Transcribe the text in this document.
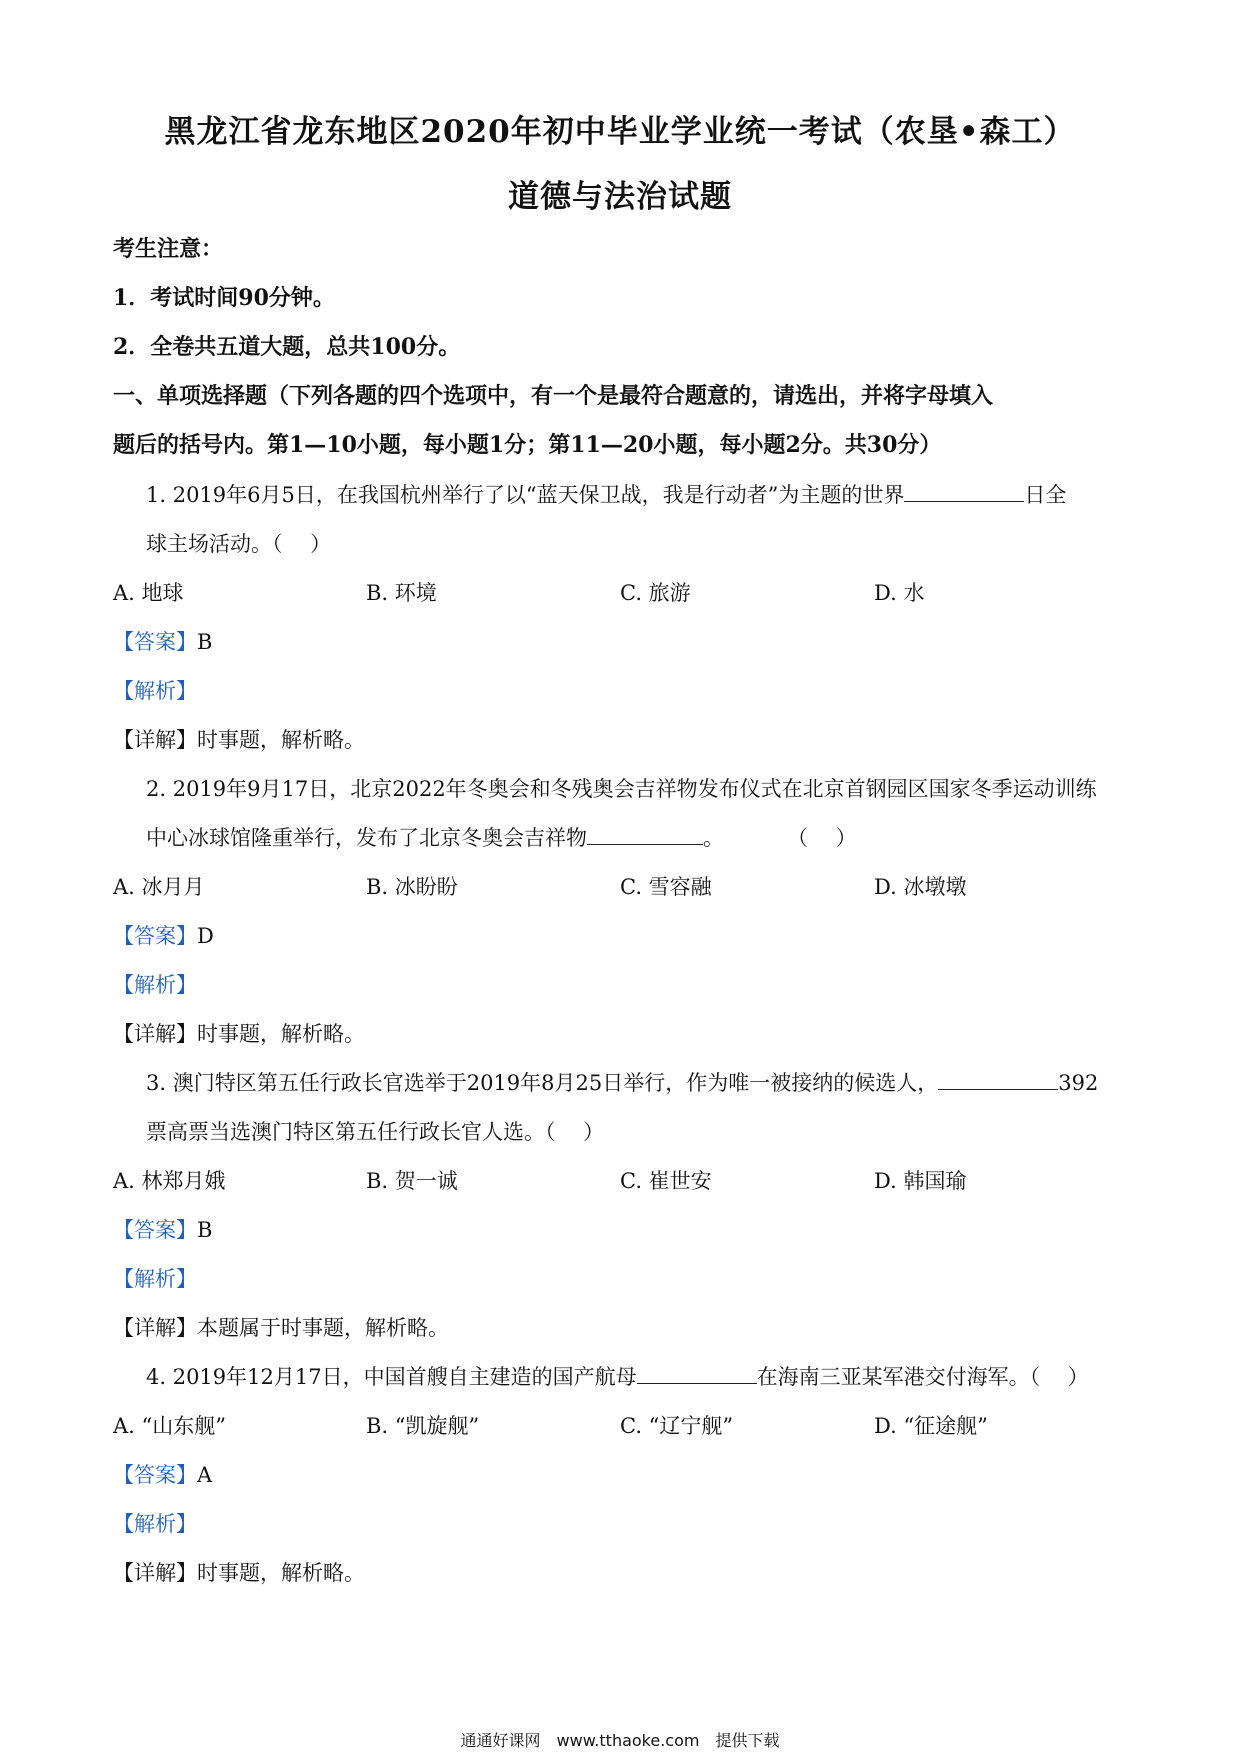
黑龙江省龙东地区2020年初中毕业学业统一考试（农垦•森工）
道德与法治试题
考生注意：
1．考试时间90分钟。
2．全卷共五道大题，总共100分。
一、单项选择题（下列各题的四个选项中，有一个是最符合题意的，请选出，并将字母填入
题后的括号内。第1—10小题，每小题1分；第11—20小题，每小题2分。共30分）
1. 2019年6月5日，在我国杭州举行了以“蓝天保卫战，我是行动者”为主题的世界	日全
球主场活动。（　 ）
A. 地球	B. 环境	C. 旅游	D. 水
【答案】B
【解析】
【详解】时事题，解析略。
2. 2019年9月17日，北京2022年冬奥会和冬残奥会吉祥物发布仪式在北京首钢园区国家冬季运动训练
中心冰球馆隆重举行，发布了北京冬奥会吉祥物	。　　　　（　 ）
A. 冰月月	B. 冰盼盼	C. 雪容融	D. 冰墩墩
【答案】D
【解析】
【详解】时事题，解析略。
3. 澳门特区第五任行政长官选举于2019年8月25日举行，作为唯一被接纳的候选人，	392
票高票当选澳门特区第五任行政长官人选。（　 ）
A. 林郑月娥	B. 贺一诚	C. 崔世安	D. 韩国瑜
【答案】B
【解析】
【详解】本题属于时事题，解析略。
4. 2019年12月17日，中国首艘自主建造的国产航母	在海南三亚某军港交付海军。（　 ）
A. “山东舰”	B. “凯旋舰”	C. “辽宁舰”	D. “征途舰”
【答案】A
【解析】
【详解】时事题，解析略。
通通好课网　www.tthaoke.com　提供下载
